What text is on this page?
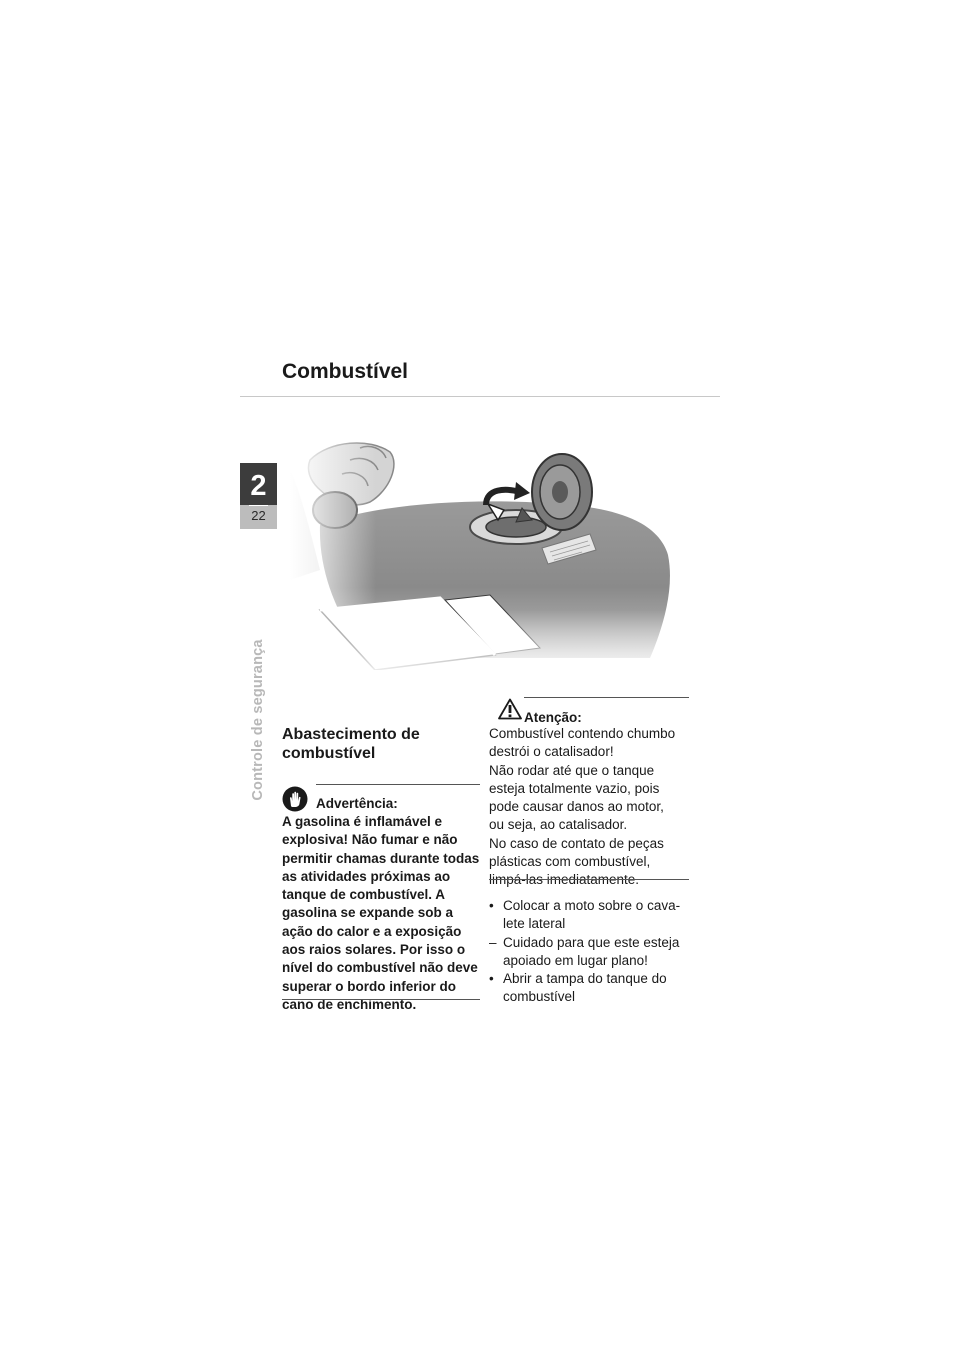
Combustível
2
22
Controle de segurança Abastecimento de combustível
Advertência:

A gasolina é inflamável e explosiva! Não fumar e não permitir chamas durante todas as atividades próximas ao tanque de combustível. A gasolina se expande sob a ação do calor e a exposição aos raios solares. Por isso o nível do combustível não deve superar o bordo inferior do cano de enchimento.

Atenção:
Combustível contendo chumbo
destrói o catalisador!
Não rodar até que o tanque
esteja totalmente vazio, pois
pode causar danos ao motor,
ou seja, ao catalisador.
No caso de contato de peças
plásticas com combustível,
limpá-las imediatamente.
• Colocar a moto sobre o cava-lete lateral
– Cuidado para que este esteja apoiado em lugar plano!
• Abrir a tampa do tanque do combustível
